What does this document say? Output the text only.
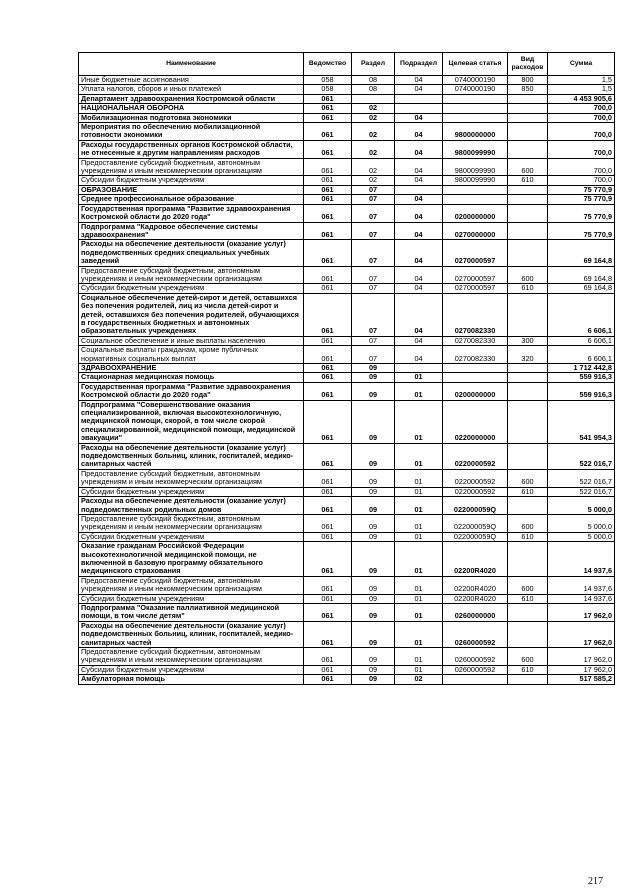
Наименование	Ведомство	Раздел	Подраздел	Целевая статья	Вид расходов	Сумма
Иные бюджетные ассигнования	058	08	04	0740000190	800	1,5
Уплата налогов, сборов и иных платежей	058	08	04	0740000190	850	1,5
Департамент здравоохранения Костромской области	061					4 453 905,6
НАЦИОНАЛЬНАЯ ОБОРОНА	061	02				700,0
Мобилизационная подготовка экономики	061	02	04			700,0
Мероприятия по обеспечению мобилизационной готовности экономики	061	02	04	9800000000		700,0
Расходы государственных органов Костромской области, не отнесенные к другим направлениям расходов	061	02	04	9800099990		700,0
Предоставление субсидий бюджетным, автономным учреждениям и иным некоммерческим организациям	061	02	04	9800099990	600	700,0
Субсидии бюджетным учреждениям	061	02	04	9800099990	610	700,0
ОБРАЗОВАНИЕ	061	07				75 770,9
Среднее профессиональное образование	061	07	04			75 770,9
Государственная программа "Развитие здравоохранения Костромской области до 2020 года"	061	07	04	0200000000		75 770,9
Подпрограмма "Кадровое обеспечение системы здравоохранения"	061	07	04	0270000000		75 770,9
Расходы на обеспечение деятельности (оказание услуг) подведомственных средних специальных учебных заведений	061	07	04	0270000597		69 164,8
Предоставление субсидий бюджетным, автономным учреждениям и иным некоммерческим организациям	061	07	04	0270000597	600	69 164,8
Субсидии бюджетным учреждениям	061	07	04	0270000597	610	69 164,8
Социальное обеспечение детей-сирот и детей, оставшихся без попечения родителей, лиц из числа детей-сирот и детей, оставшихся без попечения родителей, обучающихся в государственных бюджетных и автономных образовательных учреждениях	061	07	04	0270082330		6 606,1
Социальное обеспечение и иные выплаты населению	061	07	04	0270082330	300	6 606,1
Социальные выплаты гражданам, кроме публичных нормативных социальных выплат	061	07	04	0270082330	320	6 606,1
ЗДРАВООХРАНЕНИЕ	061	09				1 712 442,8
Стационарная медицинская помощь	061	09	01			559 916,3
Государственная программа "Развитие здравоохранения Костромской области до 2020 года"	061	09	01	0200000000		559 916,3
Подпрограмма "Совершенствование оказания специализированной, включая высокотехнологичную, медицинской помощи, скорой, в том числе скорой специализированной, медицинской помощи, медицинской эвакуации"	061	09	01	0220000000		541 954,3
Расходы на обеспечение деятельности (оказание услуг) подведомственных больниц, клиник, госпиталей, медико-санитарных частей	061	09	01	0220000592		522 016,7
Предоставление субсидий бюджетным, автономным учреждениям и иным некоммерческим организациям	061	09	01	0220000592	600	522 016,7
Субсидии бюджетным учреждениям	061	09	01	0220000592	610	522 016,7
Расходы на обеспечение деятельности (оказание услуг) подведомственных родильных домов	061	09	01	022000059Q		5 000,0
Предоставление субсидий бюджетным, автономным учреждениям и иным некоммерческим организациям	061	09	01	022000059Q	600	5 000,0
Субсидии бюджетным учреждениям	061	09	01	022000059Q	610	5 000,0
Оказание гражданам Российской Федерации высокотехнологичной медицинской помощи, не включенной в базовую программу обязательного медицинского страхования	061	09	01	02200R4020		14 937,6
Предоставление субсидий бюджетным, автономным учреждениям и иным некоммерческим организациям	061	09	01	02200R4020	600	14 937,6
Субсидии бюджетным учреждениям	061	09	01	02200R4020	610	14 937,6
Подпрограмма "Оказание паллиативной медицинской помощи, в том числе детям"	061	09	01	0260000000		17 962,0
Расходы на обеспечение деятельности (оказание услуг) подведомственных больниц, клиник, госпиталей, медико-санитарных частей	061	09	01	0260000592		17 962,0
Предоставление субсидий бюджетным, автономным учреждениям и иным некоммерческим организациям	061	09	01	0260000592	600	17 962,0
Субсидии бюджетным учреждениям	061	09	01	0260000592	610	17 962,0
Амбулаторная помощь	061	09	02			517 585,2
217
